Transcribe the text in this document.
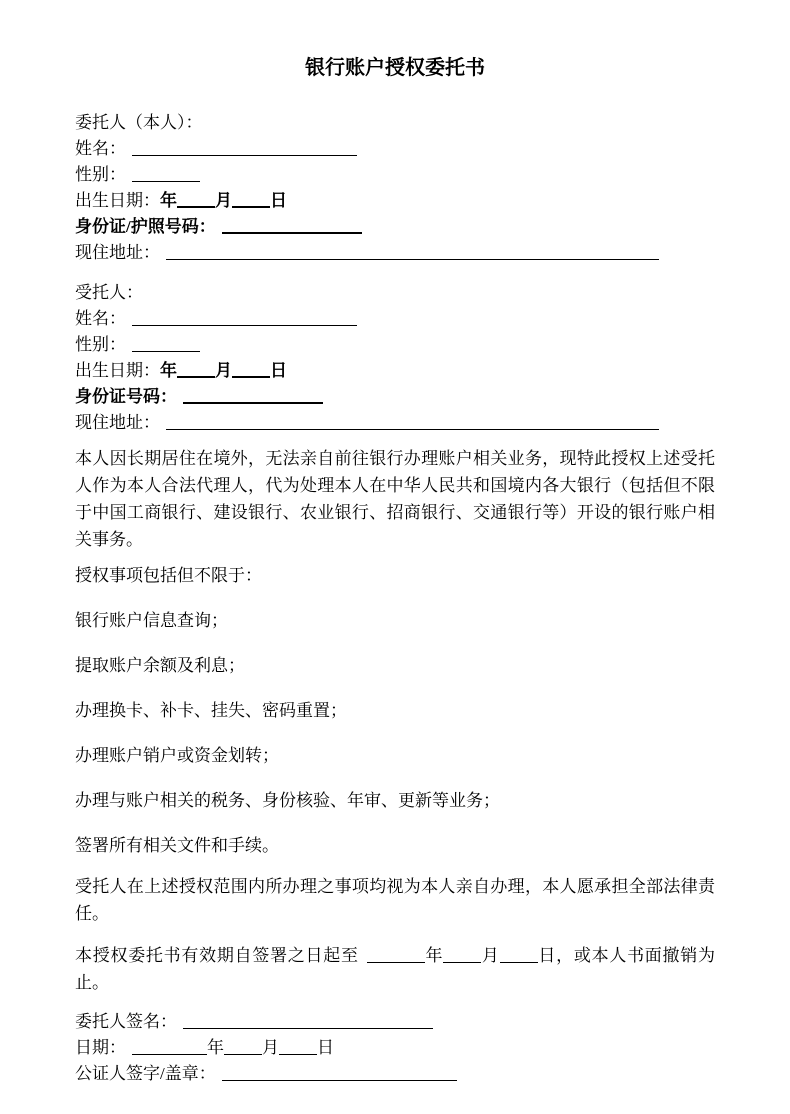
银行账户授权委托书
委托人（本人）：
姓名：
性别：
出生日期：年 月 日
身份证/护照号码：
现住地址：
受托人：
姓名：
性别：
出生日期：年 月 日
身份证号码：
现住地址：

本人因长期居住在境外，无法亲自前往银行办理账户相关业务，现特此授权上述受托人作为本人合法代理人，代为处理本人在中华人民共和国境内各大银行（包括但不限于中国工商银行、建设银行、农业银行、招商银行、交通银行等）开设的银行账户相关事务。

授权事项包括但不限于：
银行账户信息查询；
提取账户余额及利息；
办理换卡、补卡、挂失、密码重置；
办理账户销户或资金划转；
办理与账户相关的税务、身份核验、年审、更新等业务；
签署所有相关文件和手续。

受托人在上述授权范围内所办理之事项均视为本人亲自办理，本人愿承担全部法律责任。

本授权委托书有效期自签署之日起至	年 月 日，或本人书面撤销为止。

委托人签名：
日期：	年 月 日
公证人签字/盖章：
